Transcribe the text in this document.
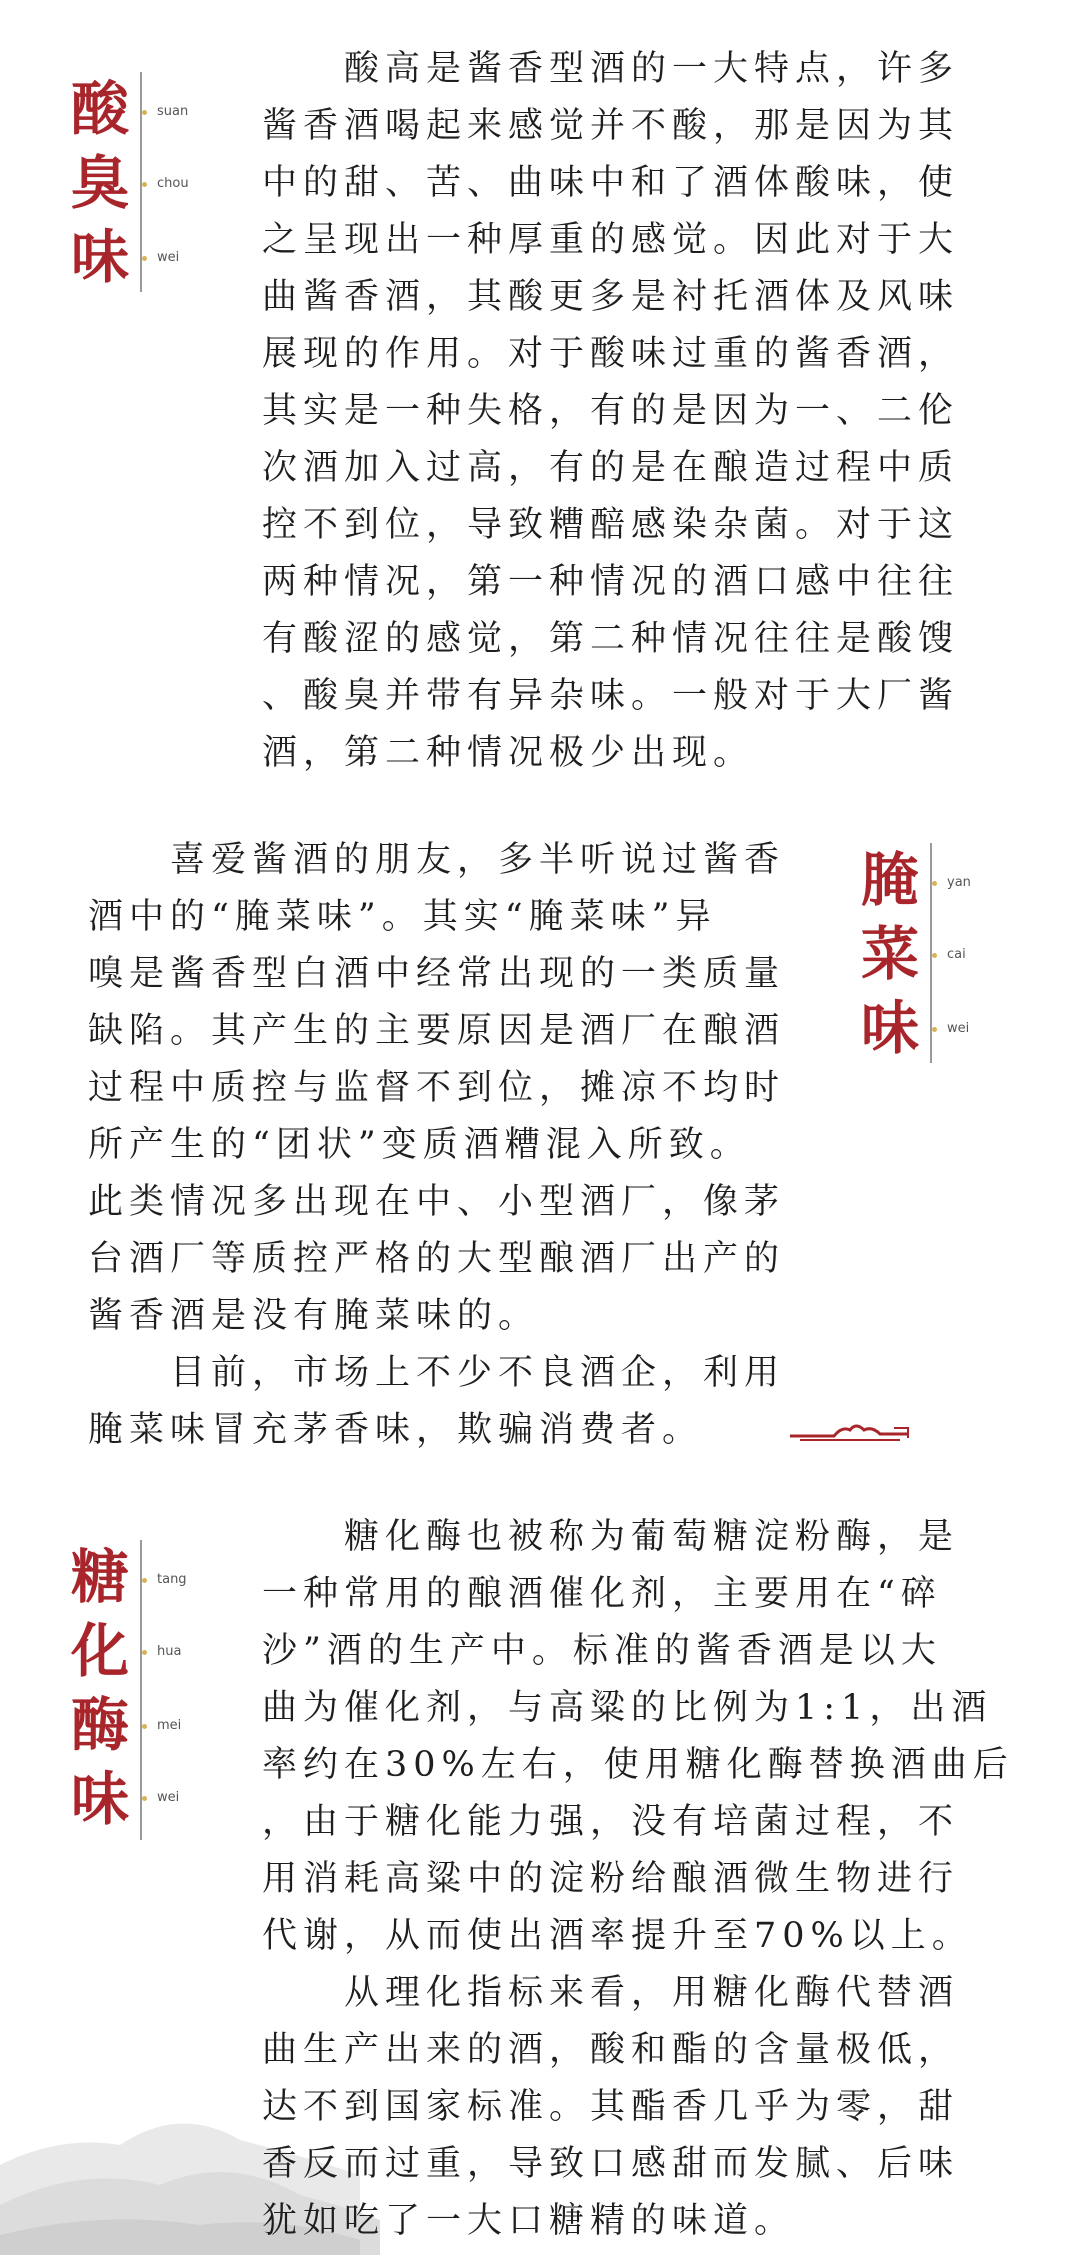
酸
臭
味
suan
chou
wei
　　酸高是酱香型酒的一大特点，许多
酱香酒喝起来感觉并不酸，那是因为其
中的甜、苦、曲味中和了酒体酸味，使
之呈现出一种厚重的感觉。因此对于大
曲酱香酒，其酸更多是衬托酒体及风味
展现的作用。对于酸味过重的酱香酒，
其实是一种失格，有的是因为一、二伦
次酒加入过高，有的是在酿造过程中质
控不到位，导致糟醅感染杂菌。对于这
两种情况，第一种情况的酒口感中往往
有酸涩的感觉，第二种情况往往是酸馊
、酸臭并带有异杂味。一般对于大厂酱
酒，第二种情况极少出现。
　　喜爱酱酒的朋友，多半听说过酱香
酒中的“腌菜味”。其实“腌菜味”异
嗅是酱香型白酒中经常出现的一类质量
缺陷。其产生的主要原因是酒厂在酿酒
过程中质控与监督不到位，摊凉不均时
所产生的“团状”变质酒糟混入所致。
此类情况多出现在中、小型酒厂，像茅
台酒厂等质控严格的大型酿酒厂出产的
酱香酒是没有腌菜味的。
　　目前，市场上不少不良酒企，利用
腌菜味冒充茅香味，欺骗消费者。
腌
菜
味
yan
cai
wei
糖
化
酶
味
tang
hua
mei
wei
　　糖化酶也被称为葡萄糖淀粉酶，是
一种常用的酿酒催化剂，主要用在“碎
沙”酒的生产中。标准的酱香酒是以大
曲为催化剂，与高粱的比例为1:1，出酒
率约在30%左右，使用糖化酶替换酒曲后
，由于糖化能力强，没有培菌过程，不
用消耗高粱中的淀粉给酿酒微生物进行
代谢，从而使出酒率提升至70%以上。
　　从理化指标来看，用糖化酶代替酒
曲生产出来的酒，酸和酯的含量极低，
达不到国家标准。其酯香几乎为零，甜
香反而过重，导致口感甜而发腻、后味
犹如吃了一大口糖精的味道。
